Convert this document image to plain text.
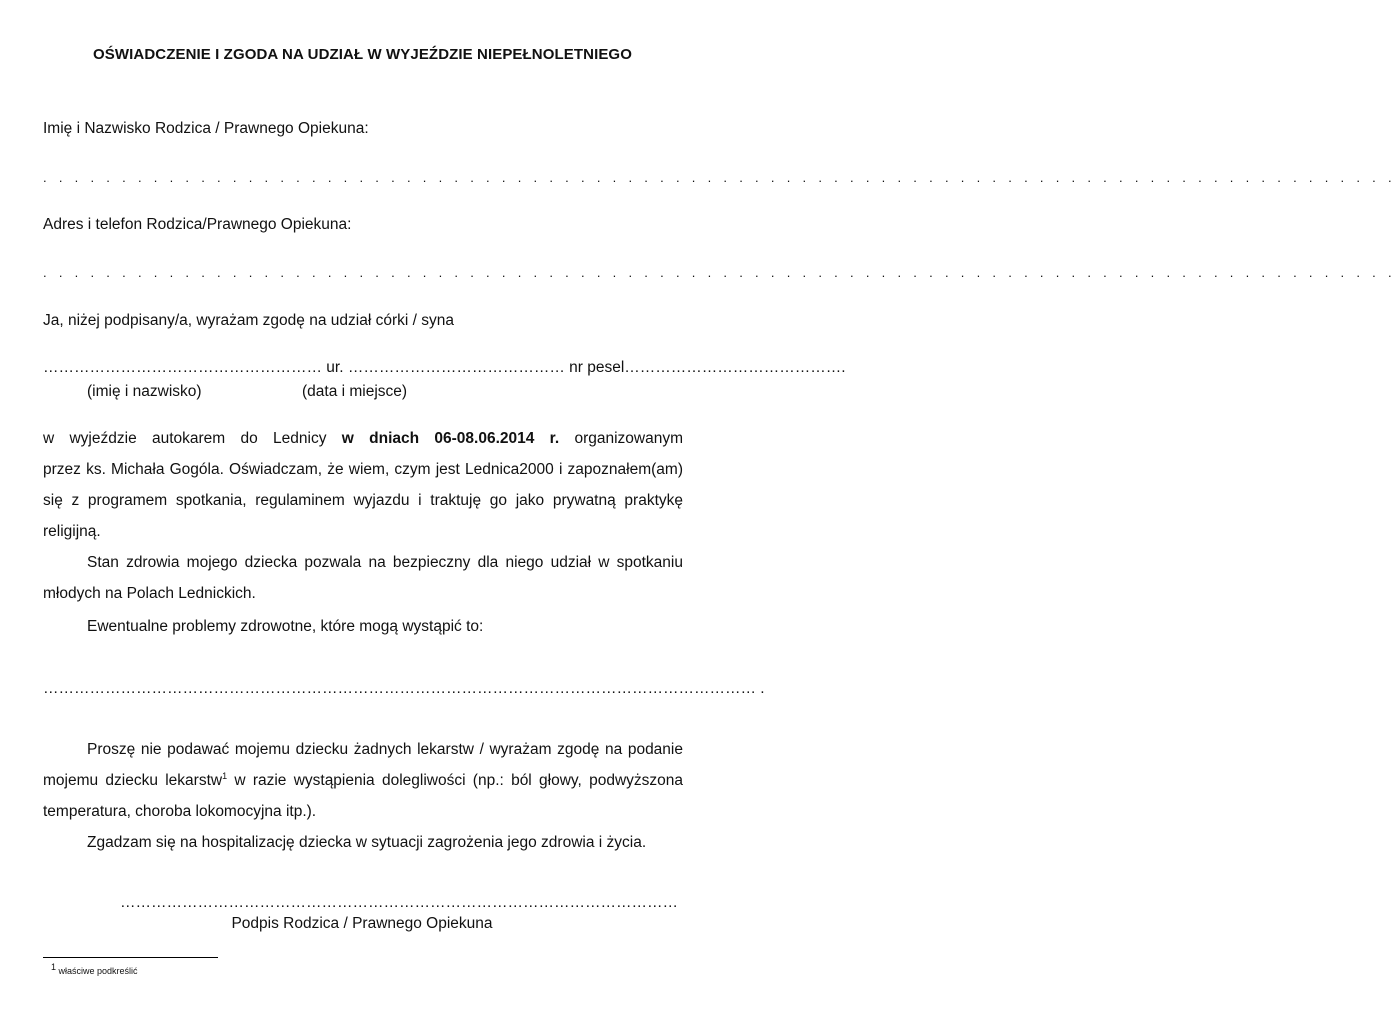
OŚWIADCZENIE I ZGODA NA UDZIAŁ W WYJEŹDZIE NIEPEŁNOLETNIEGO
Imię i Nazwisko Rodzica / Prawnego Opiekuna:
. . . . . . . . . . . . . . . . . . . . . . . . . . . . . . . . . . . . . . . . . . . . . . . . . . . . . . . . . . . . . . . . . . . . . . . . . . . . . . . . . . . . . .
Adres i telefon Rodzica/Prawnego Opiekuna:
. . . . . . . . . . . . . . . . . . . . . . . . . . . . . . . . . . . . . . . . . . . . . . . . . . . . . . . . . . . . . . . . . . . . . . . . . . . . . . . . . . . . . .
Ja, niżej podpisany/a, wyrażam zgodę na udział córki / syna
……………………………………………… ur. …………………………………… nr pesel…………………………………….
(imię i nazwisko)	(data i miejsce)
w wyjeździe autokarem do Lednicy w dniach 06-08.06.2014 r. organizowanym
przez ks. Michała Gogóla. Oświadczam, że wiem, czym jest Lednica2000 i zapoznałem(am)
się z programem spotkania, regulaminem wyjazdu i traktuję go jako prywatną praktykę
religijną.
Stan zdrowia mojego dziecka pozwala na bezpieczny dla niego udział w spotkaniu
młodych na Polach Lednickich.
Ewentualne problemy zdrowotne, które mogą wystąpić to:
………………………………………………………………………………………………………………………… .
Proszę nie podawać mojemu dziecku żadnych lekarstw / wyrażam zgodę na podanie
mojemu dziecku lekarstw$^1$ w razie wystąpienia dolegliwości (np.: ból głowy, podwyższona
temperatura, choroba lokomocyjna itp.).
Zgadzam się na hospitalizację dziecka w sytuacji zagrożenia jego zdrowia i życia.
………………………………………………………………………………………………
Podpis Rodzica / Prawnego Opiekuna
$^1$ właściwe podkreślić
